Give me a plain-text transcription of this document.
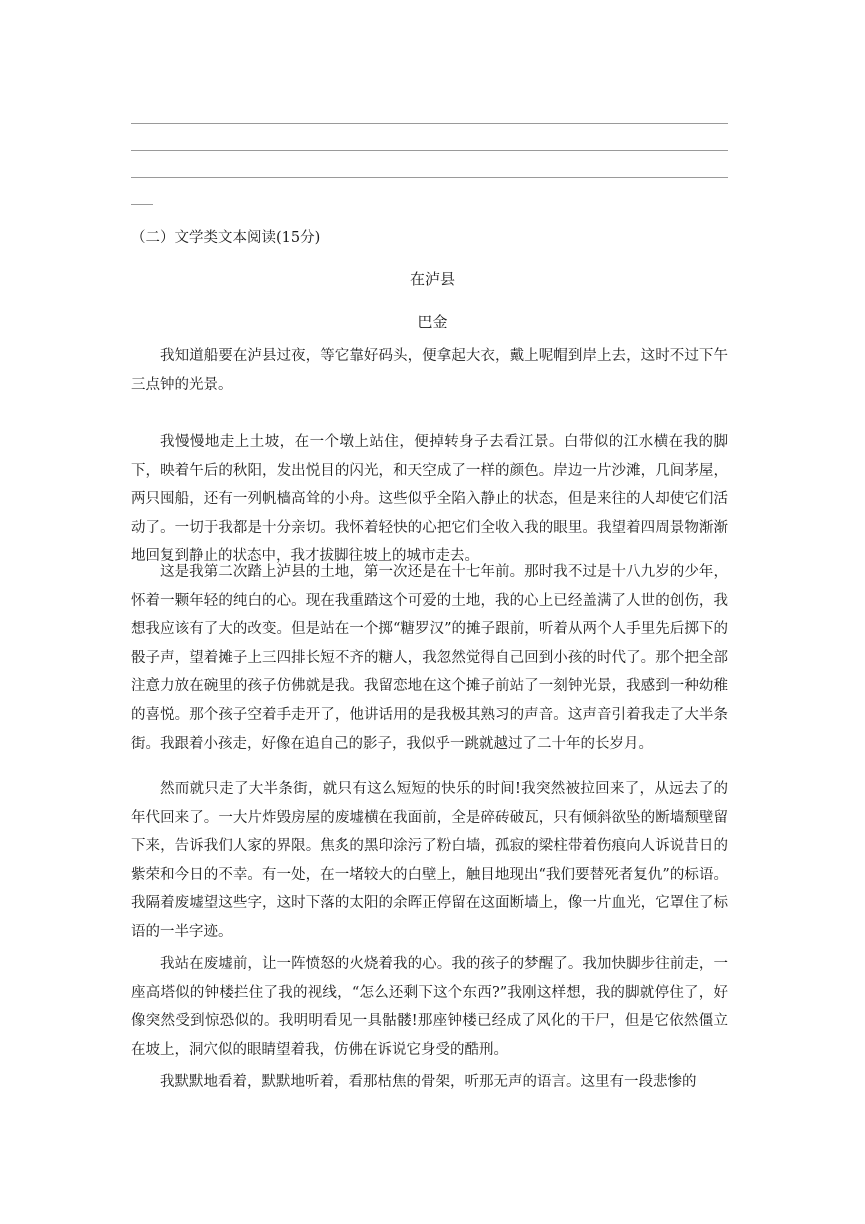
（二）文学类文本阅读(15分)
在泸县
巴金

我知道船要在泸县过夜，等它靠好码头，便拿起大衣，戴上呢帽到岸上去，这时不过下午三点钟的光景。

我慢慢地走上土坡，在一个墩上站住，便掉转身子去看江景。白带似的江水横在我的脚下，映着午后的秋阳，发出悦目的闪光，和天空成了一样的颜色。岸边一片沙滩，几间茅屋，两只囤船，还有一列帆樯高耸的小舟。这些似乎全陷入静止的状态，但是来往的人却使它们活动了。一切于我都是十分亲切。我怀着轻快的心把它们全收入我的眼里。我望着四周景物渐渐地回复到静止的状态中，我才拔脚往坡上的城市走去。

这是我第二次踏上泸县的土地，第一次还是在十七年前。那时我不过是十八九岁的少年，怀着一颗年轻的纯白的心。现在我重踏这个可爱的土地，我的心上已经盖满了人世的创伤，我想我应该有了大的改变。但是站在一个掷“糖罗汉”的摊子跟前，听着从两个人手里先后掷下的骰子声，望着摊子上三四排长短不齐的糖人，我忽然觉得自己回到小孩的时代了。那个把全部注意力放在碗里的孩子仿佛就是我。我留恋地在这个摊子前站了一刻钟光景，我感到一种幼稚的喜悦。那个孩子空着手走开了，他讲话用的是我极其熟习的声音。这声音引着我走了大半条街。我跟着小孩走，好像在追自己的影子，我似乎一跳就越过了二十年的长岁月。

然而就只走了大半条街，就只有这么短短的快乐的时间!我突然被拉回来了，从远去了的年代回来了。一大片炸毁房屋的废墟横在我面前，全是碎砖破瓦，只有倾斜欲坠的断墙颓壁留下来，告诉我们人家的界限。焦炙的黑印涂污了粉白墙，孤寂的梁柱带着伤痕向人诉说昔日的紫荣和今日的不幸。有一处，在一堵较大的白壁上，触目地现出“我们要替死者复仇”的标语。我隔着废墟望这些字，这时下落的太阳的余晖正停留在这面断墙上，像一片血光，它罩住了标语的一半字迹。

我站在废墟前，让一阵愤怒的火烧着我的心。我的孩子的梦醒了。我加快脚步往前走，一座高塔似的钟楼拦住了我的视线，“怎么还剩下这个东西?”我刚这样想，我的脚就停住了，好像突然受到惊恐似的。我明明看见一具骷髅!那座钟楼已经成了风化的干尸，但是它依然僵立在坡上，洞穴似的眼睛望着我，仿佛在诉说它身受的酷刑。

我默默地看着，默默地听着，看那枯焦的骨架，听那无声的语言。这里有一段悲惨的
